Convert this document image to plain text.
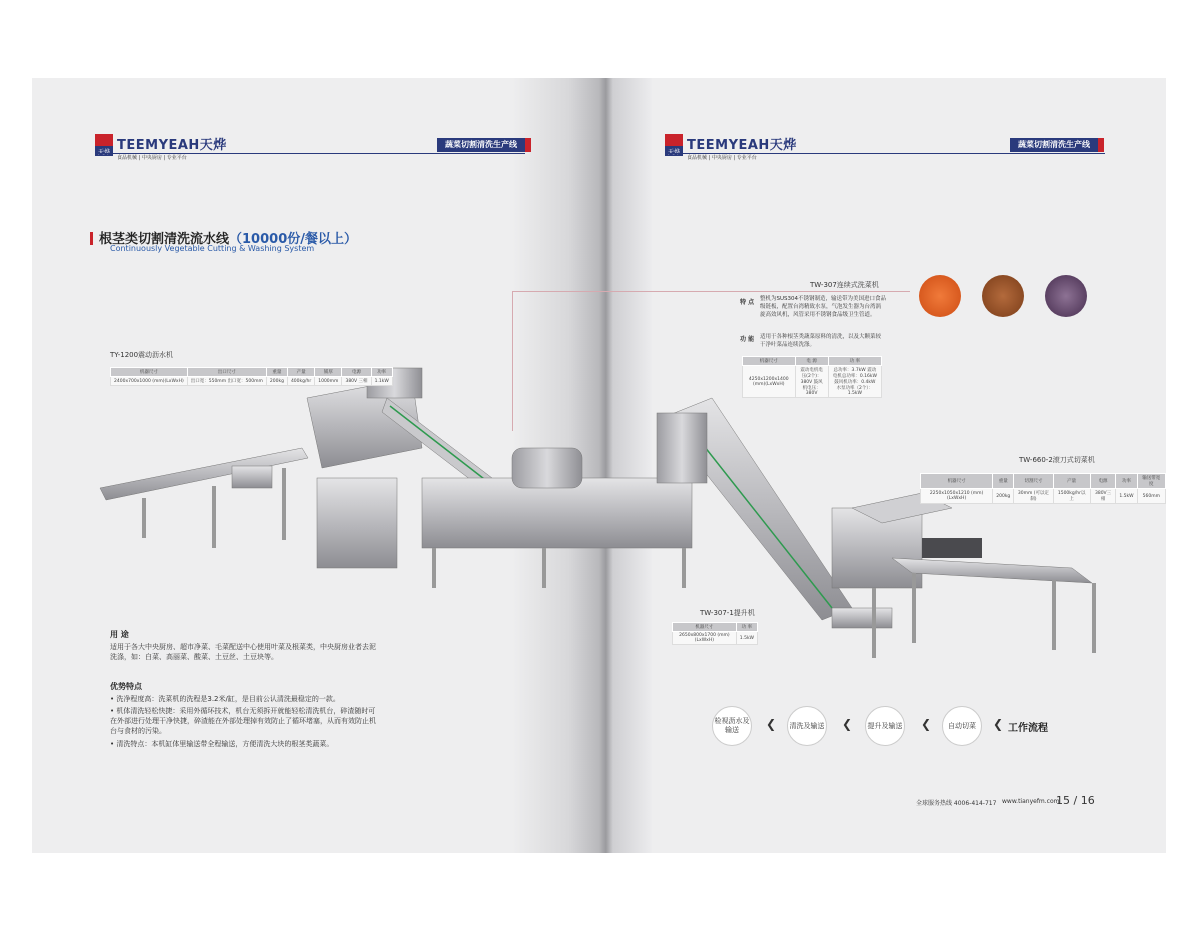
TEEMYEAH天烨
食品机械 | 中央厨房 | 专业平台
蔬菜切割清洗生产线
根茎类切割清洗流水线（10000份/餐以上）
Continuously Vegetable Cutting & Washing System
TY-1200震动沥水机
机器尺寸	出口尺寸	重量	产量	铺厚	电源	功率
2400x700x1000 (mm)(LxWxH)	出口宽：550mm 出口宽：500mm	200kg	400kg/hr	1000mm	380V 三相	1.1kW
用 途
适用于各大中央厨房、超市净菜、毛菜配送中心使用叶菜及根菜类，中央厨房业者去泥洗涤，如：白菜、高丽菜、酸菜、土豆丝、土豆块等。
优势特点
• 洗净程度高：洗菜机的洗程是3.2米/缸，是目前公认清洗最稳定的一款。
• 机体清洗轻松快捷：采用外循环技术，机台无须拆开就能轻松清洗机台，碎渣随时可在外部进行处理干净快捷，碎渣能在外部处理掉有效防止了循环堵塞，从而有效防止机台与食材的污染。
• 清洗特点：本机缸体里输送带全程输送，方便清洗大块的根茎类蔬菜。
TEEMYEAH天烨
食品机械 | 中央厨房 | 专业平台
蔬菜切割清洗生产线
TW-307连续式洗菜机
特 点 整机为SUS304不锈钢制造，输送带为美国进口食品级链板，配置台湾精致水泵，气泡发生器为台湾涡旋高效风机，风管采用不锈钢食品级卫生管道。
功 能 适用于各种根茎类蔬菜原料的清洗，以及大颗菜较干净叶菜品连续洗涤。
机器尺寸	电 源	功 率
4250x1200x1400 (mm)(LxWxH)	震动电机电压(2个)：380V 鼓风机电压：380V	总功率：3.7kW 震动电机总功率：0.16kW 鼓风机功率：0.4kW 水泵功率（2个）：1.5kW
TW-660-2滚刀式切菜机
机器尺寸	重量	切割尺寸	产量	电源	功率	输送带宽度
2250x1050x1210 (mm)(LxWxH)	200kg	30mm (可以定制)	1500kg/hr以上	380V三相	1.5kW	560mm
TW-307-1提升机
机器尺寸	功 率
2650x800x1700 (mm)(LxWxH)	1.5kW
检视沥水及输送	❮	清洗及输送 ❮	提升及输送 ❮	自动切菜	❮ 工作流程
全球服务热线 4006-414-717 www.tianyefm.com
15 / 16
